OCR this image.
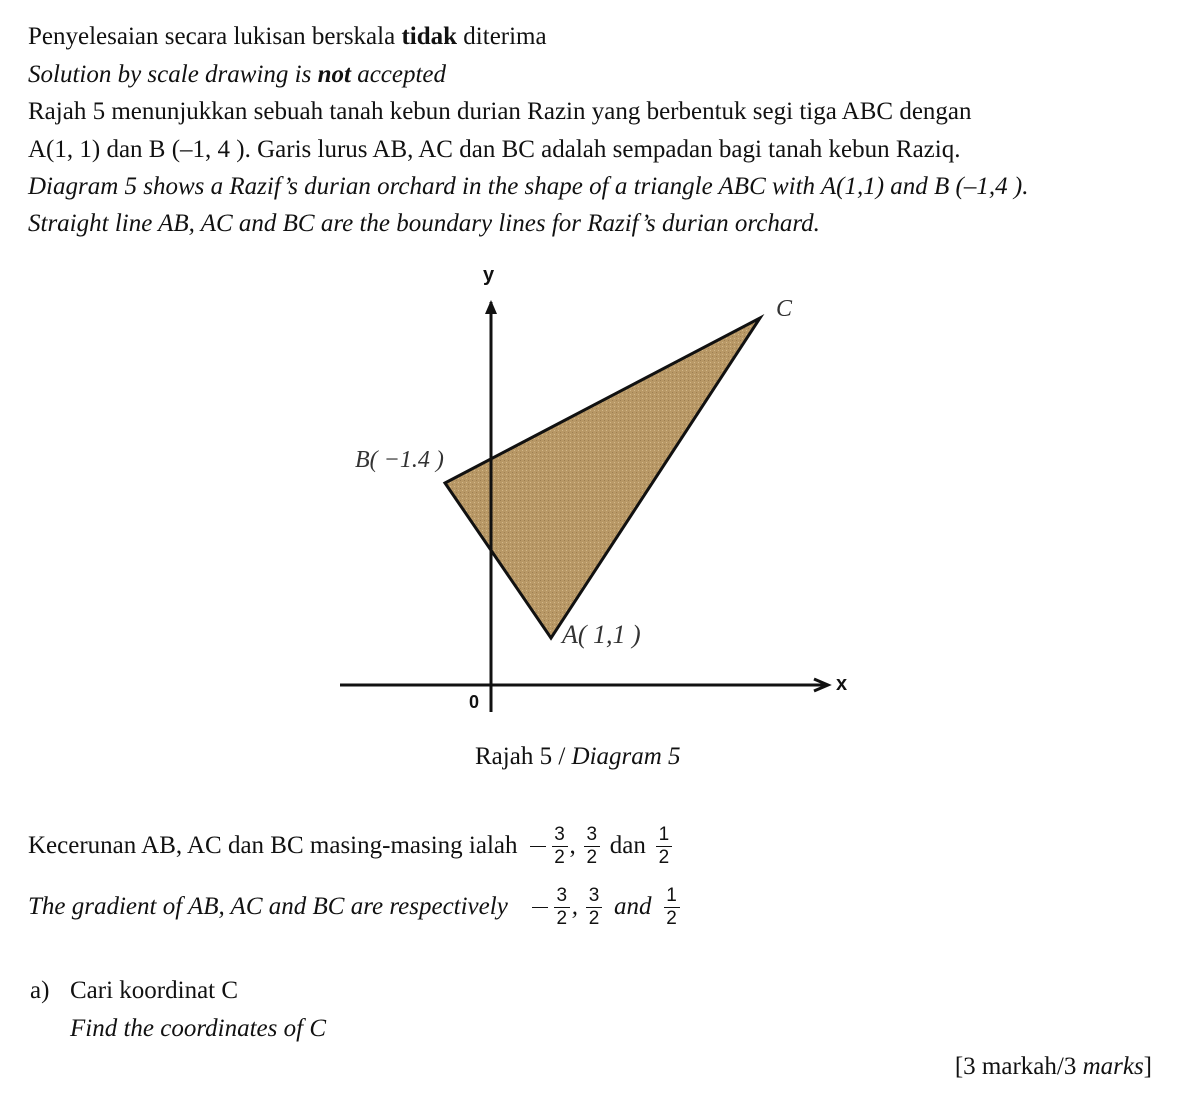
Penyelesaian secara lukisan berskala tidak diterima
Solution by scale drawing is not accepted
Rajah 5 menunjukkan sebuah tanah kebun durian Razin yang berbentuk segi tiga ABC dengan
A(1, 1) dan B (–1, 4 ). Garis lurus AB, AC dan BC adalah sempadan bagi tanah kebun Raziq.
Diagram 5 shows a Razif’s durian orchard in the shape of a triangle ABC with A(1,1) and B (–1,4 ).
Straight line AB, AC and BC are the boundary lines for Razif’s durian orchard.
y
x
0
B( −1.4 )
A( 1,1 )
C
Rajah 5 / Diagram 5
Kecerunan AB, AC dan BC masing-masing ialah $\frac{3}{2}$ , $\frac{3}{2}$ dan $\frac{1}{2}$
The gradient of AB, AC and BC are respectively $\frac{3}{2}$ , $\frac{3}{2}$ and $\frac{1}{2}$
a) Cari koordinat C
Find the coordinates of C
[3 markah/3 marks]
